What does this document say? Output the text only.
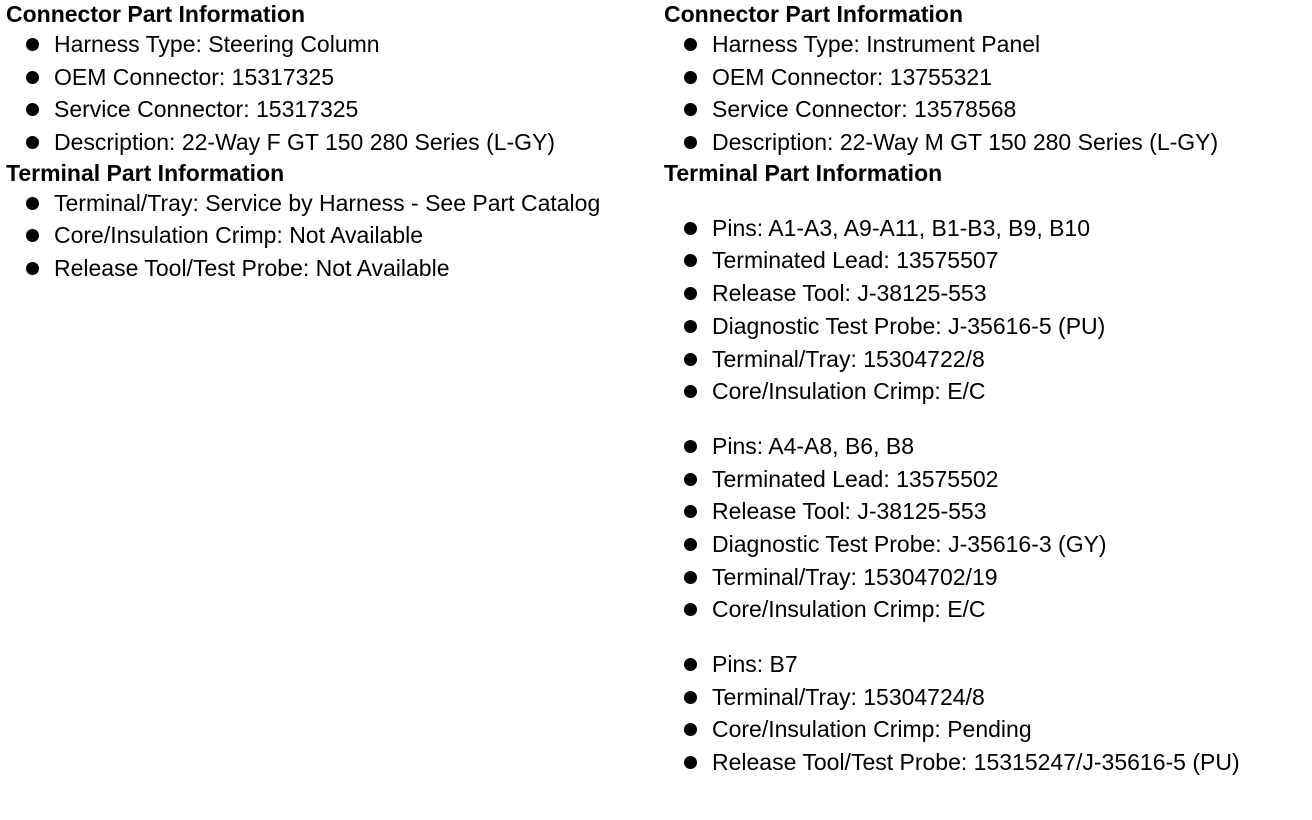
Connector Part Information
Harness Type: Steering Column
OEM Connector: 15317325
Service Connector: 15317325
Description: 22-Way F GT 150 280 Series (L-GY)
Terminal Part Information
Terminal/Tray: Service by Harness - See Part Catalog
Core/Insulation Crimp: Not Available
Release Tool/Test Probe: Not Available
Connector Part Information
Harness Type: Instrument Panel
OEM Connector: 13755321
Service Connector: 13578568
Description: 22-Way M GT 150 280 Series (L-GY)
Terminal Part Information
Pins: A1-A3, A9-A11, B1-B3, B9, B10
Terminated Lead: 13575507
Release Tool: J-38125-553
Diagnostic Test Probe: J-35616-5 (PU)
Terminal/Tray: 15304722/8
Core/Insulation Crimp: E/C
Pins: A4-A8, B6, B8
Terminated Lead: 13575502
Release Tool: J-38125-553
Diagnostic Test Probe: J-35616-3 (GY)
Terminal/Tray: 15304702/19
Core/Insulation Crimp: E/C
Pins: B7
Terminal/Tray: 15304724/8
Core/Insulation Crimp: Pending
Release Tool/Test Probe: 15315247/J-35616-5 (PU)
